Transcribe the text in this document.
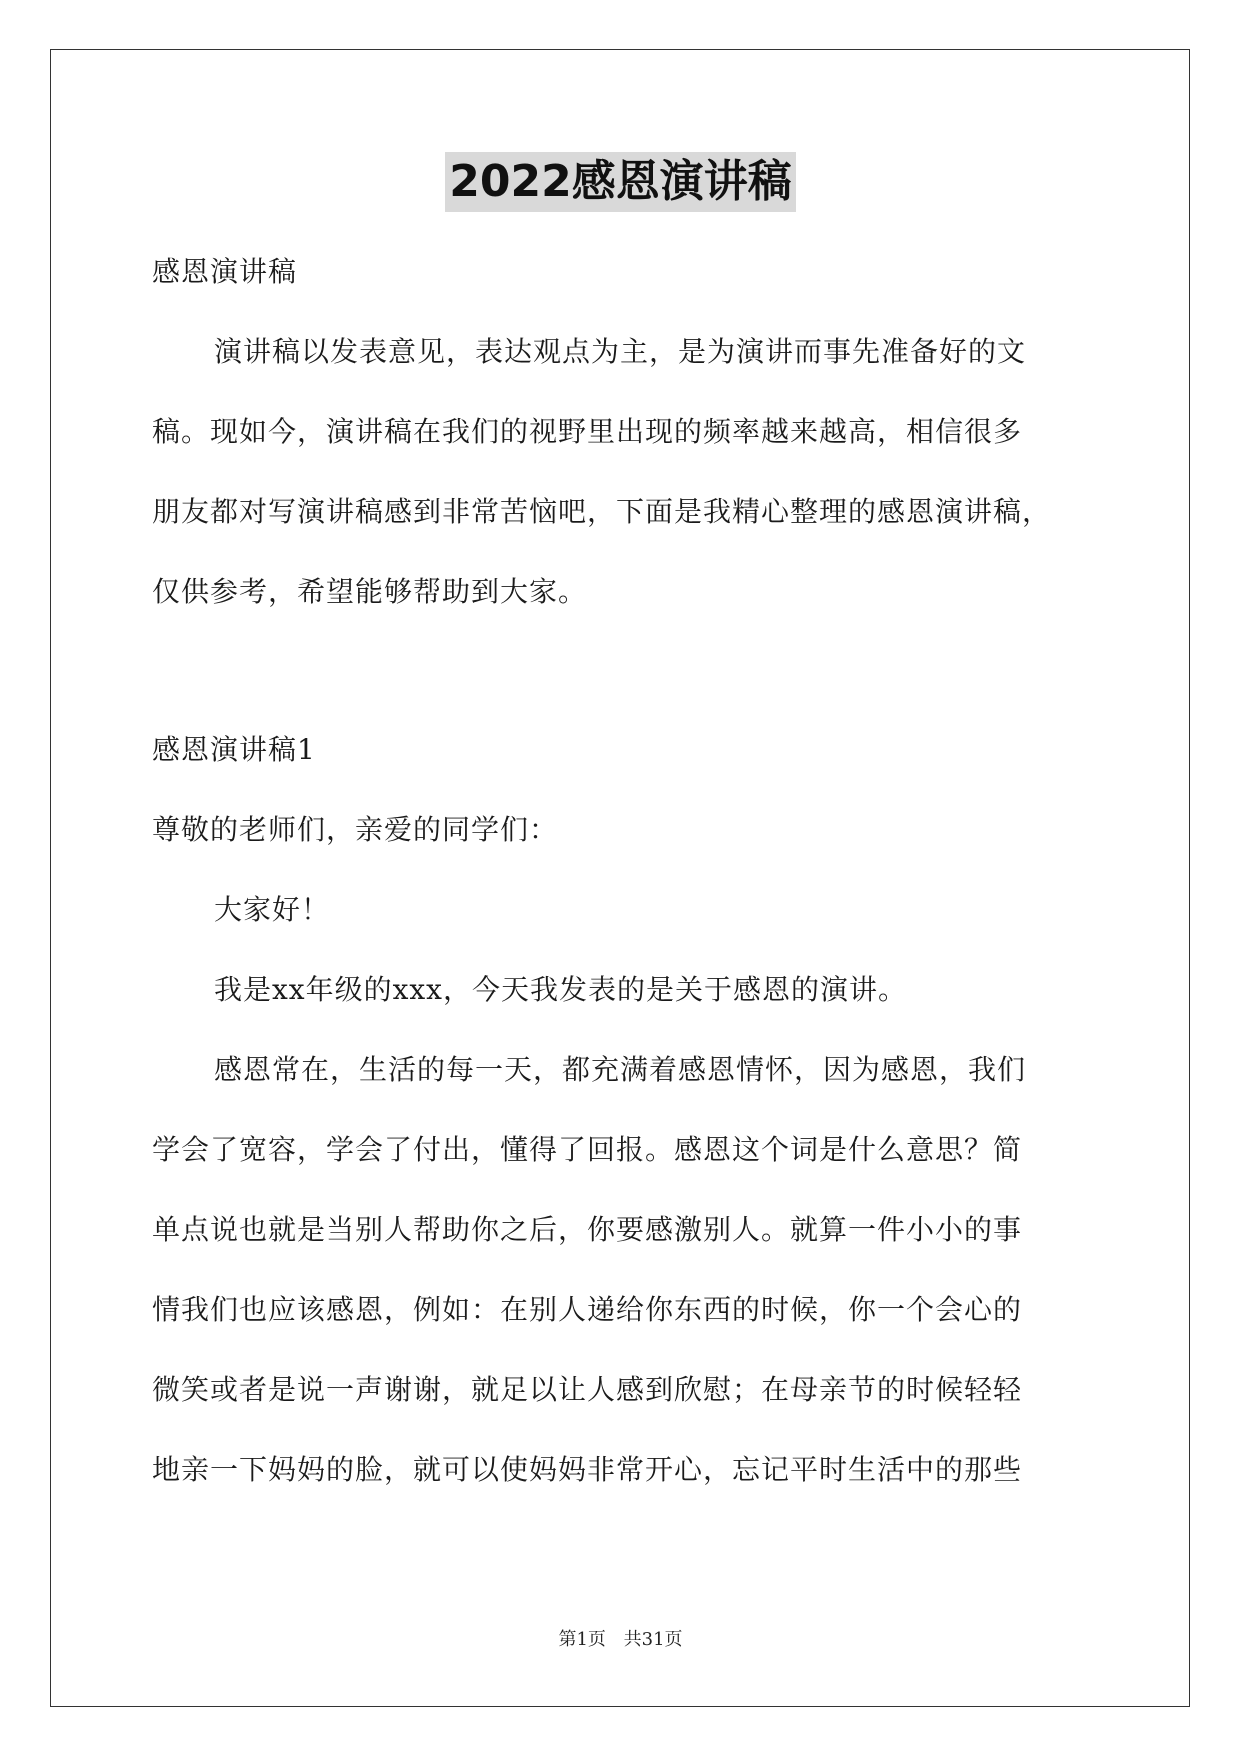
2022感恩演讲稿
感恩演讲稿
演讲稿以发表意见，表达观点为主，是为演讲而事先准备好的文
稿。现如今，演讲稿在我们的视野里出现的频率越来越高，相信很多
朋友都对写演讲稿感到非常苦恼吧，下面是我精心整理的感恩演讲稿，
仅供参考，希望能够帮助到大家。
感恩演讲稿1
尊敬的老师们，亲爱的同学们：
大家好！
我是xx年级的xxx，今天我发表的是关于感恩的演讲。
感恩常在，生活的每一天，都充满着感恩情怀，因为感恩，我们
学会了宽容，学会了付出，懂得了回报。感恩这个词是什么意思？简
单点说也就是当别人帮助你之后，你要感激别人。就算一件小小的事
情我们也应该感恩，例如：在别人递给你东西的时候，你一个会心的
微笑或者是说一声谢谢，就足以让人感到欣慰；在母亲节的时候轻轻
地亲一下妈妈的脸，就可以使妈妈非常开心，忘记平时生活中的那些
第1页 共31页
